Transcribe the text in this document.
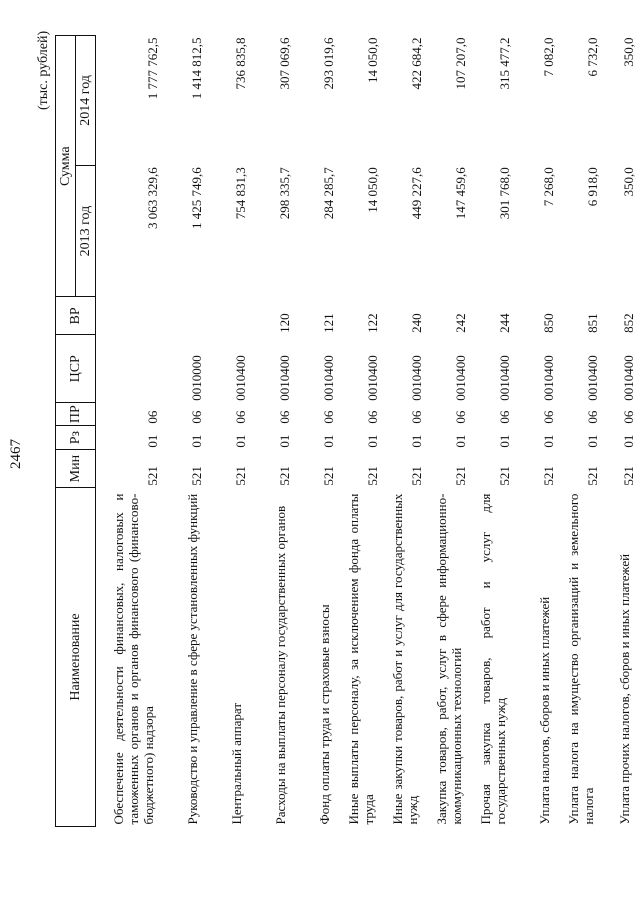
2467
(тыс. рублей)
Наименование	Мин	Рз	ПР	ЦСР	ВР	Сумма	
						2013 год	2014 год
Обеспечение деятельности финансовых, налоговых и таможенных органов и органов финансового (финансово-бюджетного) надзора	521	01	06			3 063 329,6	1 777 762,5
Руководство и управление в сфере установленных функций	521	01	06	0010000		1 425 749,6	1 414 812,5
Центральный аппарат	521	01	06	0010400		754 831,3	736 835,8
Расходы на выплаты персоналу государственных органов	521	01	06	0010400	120	298 335,7	307 069,6
Фонд оплаты труда и страховые взносы	521	01	06	0010400	121	284 285,7	293 019,6
Иные выплаты персоналу, за исключением фонда оплаты труда	521	01	06	0010400	122	14 050,0	14 050,0
Иные закупки товаров, работ и услуг для государственных нужд	521	01	06	0010400	240	449 227,6	422 684,2
Закупка товаров, работ, услуг в сфере информационно-коммуникационных технологий	521	01	06	0010400	242	147 459,6	107 207,0
Прочая закупка товаров, работ и услуг для государственных нужд	521	01	06	0010400	244	301 768,0	315 477,2
Уплата налогов, сборов и иных платежей	521	01	06	0010400	850	7 268,0	7 082,0
Уплата налога на имущество организаций и земельного налога	521	01	06	0010400	851	6 918,0	6 732,0
Уплата прочих налогов, сборов и иных платежей	521	01	06	0010400	852	350,0	350,0
